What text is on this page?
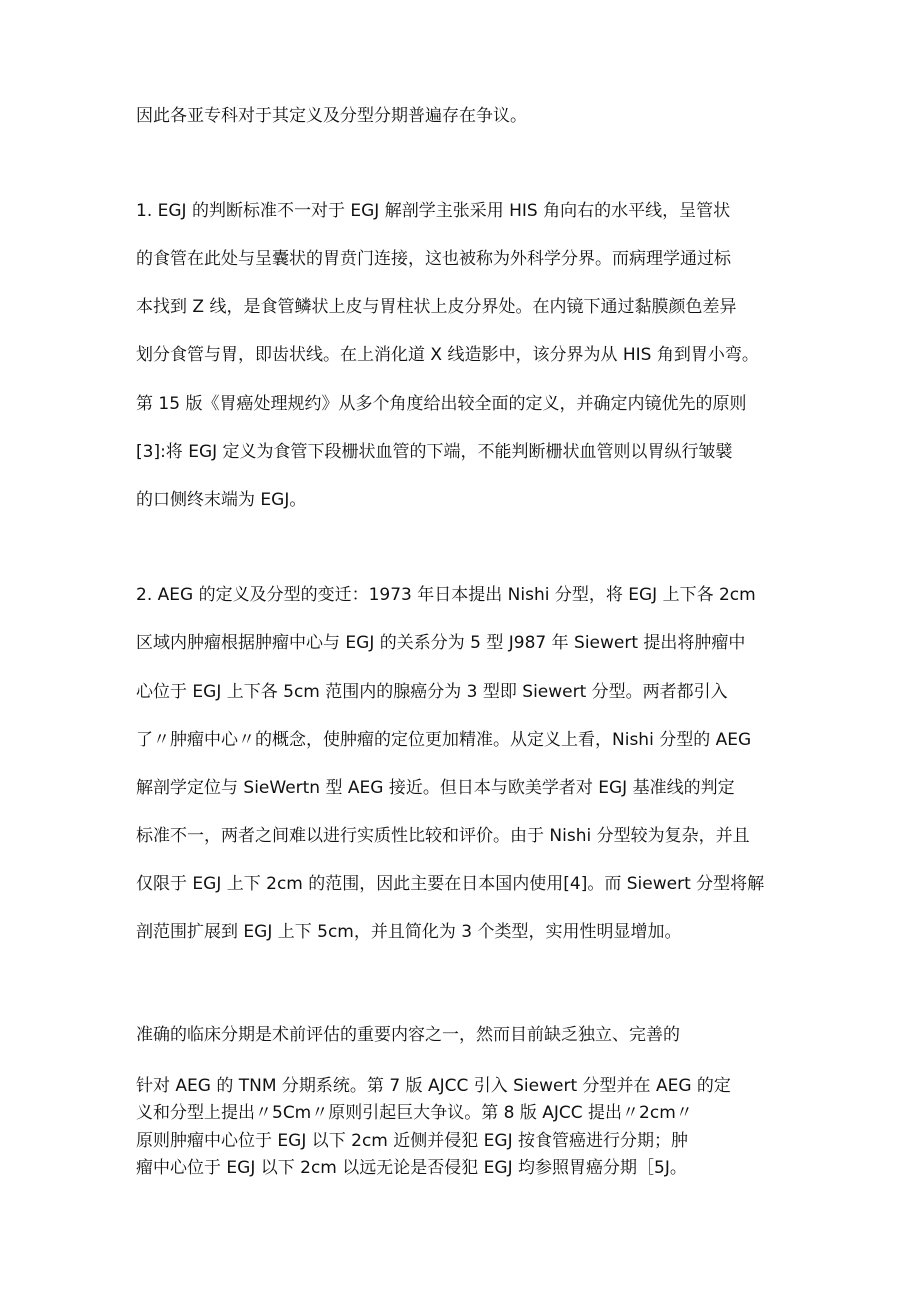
因此各亚专科对于其定义及分型分期普遍存在争议。
1. EGJ 的判断标准不一对于 EGJ 解剖学主张采用 HIS 角向右的水平线，呈管状
的食管在此处与呈囊状的胃贲门连接，这也被称为外科学分界。而病理学通过标
本找到 Z 线，是食管鳞状上皮与胃柱状上皮分界处。在内镜下通过黏膜颜色差异
划分食管与胃，即齿状线。在上消化道 X 线造影中，该分界为从 HIS 角到胃小弯。
第 15 版《胃癌处理规约》从多个角度给出较全面的定义，并确定内镜优先的原则
[3]:将 EGJ 定义为食管下段栅状血管的下端，不能判断栅状血管则以胃纵行皱襞
的口侧终末端为 EGJ。
2. AEG 的定义及分型的变迁：1973 年日本提出 Nishi 分型，将 EGJ 上下各 2cm
区域内肿瘤根据肿瘤中心与 EGJ 的关系分为 5 型 J987 年 Siewert 提出将肿瘤中
心位于 EGJ 上下各 5cm 范围内的腺癌分为 3 型即 Siewert 分型。两者都引入
了〃肿瘤中心〃的概念，使肿瘤的定位更加精准。从定义上看，Nishi 分型的 AEG
解剖学定位与 SieWertn 型 AEG 接近。但日本与欧美学者对 EGJ 基准线的判定
标准不一，两者之间难以进行实质性比较和评价。由于 Nishi 分型较为复杂，并且
仅限于 EGJ 上下 2cm 的范围，因此主要在日本国内使用[4]。而 Siewert 分型将解
剖范围扩展到 EGJ 上下 5cm，并且简化为 3 个类型，实用性明显增加。
准确的临床分期是术前评估的重要内容之一，然而目前缺乏独立、完善的
针对 AEG 的 TNM 分期系统。第 7 版 AJCC 引入 Siewert 分型并在 AEG 的定
义和分型上提出〃5Cm〃原则引起巨大争议。第 8 版 AJCC 提出〃2cm〃
原则肿瘤中心位于 EGJ 以下 2cm 近侧并侵犯 EGJ 按食管癌进行分期；肿
瘤中心位于 EGJ 以下 2cm 以远无论是否侵犯 EGJ 均参照胃癌分期［5J。
